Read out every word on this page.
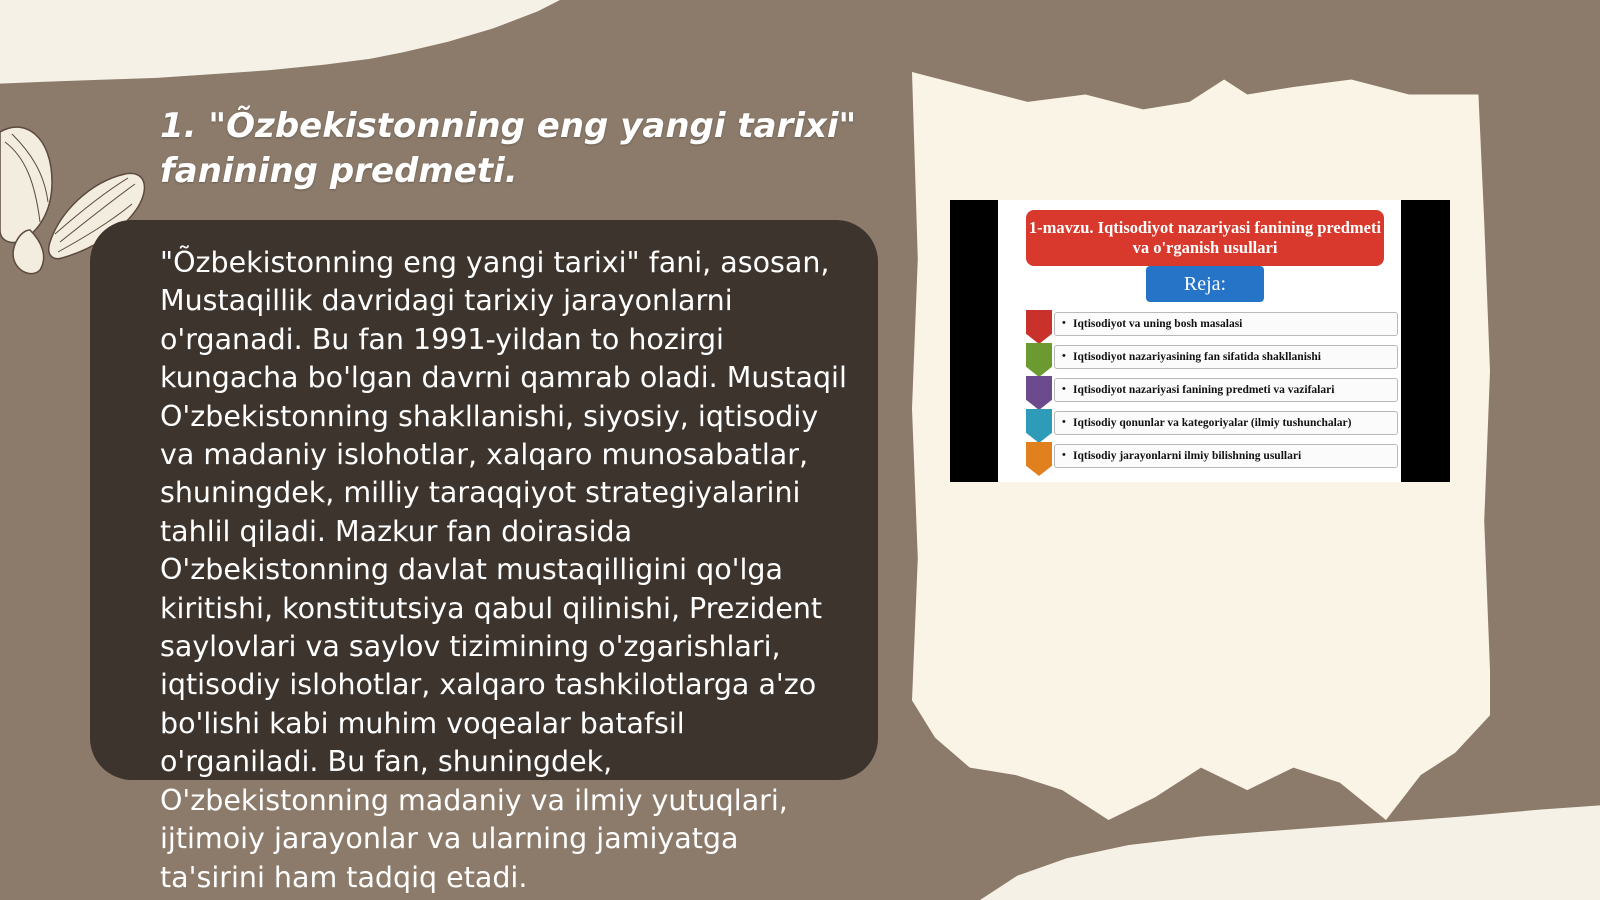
1. "Õzbekistonning eng yangi tarixi"
fanining predmeti.

"Õzbekistonning eng yangi tarixi" fani, asosan, Mustaqillik davridagi tarixiy jarayonlarni o'rganadi. Bu fan 1991-yildan to hozirgi kungacha bo'lgan davrni qamrab oladi. Mustaqil O'zbekistonning shakllanishi, siyosiy, iqtisodiy va madaniy islohotlar, xalqaro munosabatlar, shuningdek, milliy taraqqiyot strategiyalarini tahlil qiladi. Mazkur fan doirasida O'zbekistonning davlat mustaqilligini qo'lga kiritishi, konstitutsiya qabul qilinishi, Prezident saylovlari va saylov tizimining o'zgarishlari, iqtisodiy islohotlar, xalqaro tashkilotlarga a'zo bo'lishi kabi muhim voqealar batafsil o'rganiladi. Bu fan, shuningdek, O'zbekistonning madaniy va ilmiy yutuqlari, ijtimoiy jarayonlar va ularning jamiyatga ta'sirini ham tadqiq etadi.

1-mavzu. Iqtisodiyot nazariyasi fanining predmeti va o'rganish usullari
Reja:
• Iqtisodiyot va uning bosh masalasi
• Iqtisodiyot nazariyasining fan sifatida shakllanishi
• Iqtisodiyot nazariyasi fanining predmeti va vazifalari
• Iqtisodiy qonunlar va kategoriyalar (ilmiy tushunchalar)
• Iqtisodiy jarayonlarni ilmiy bilishning usullari
